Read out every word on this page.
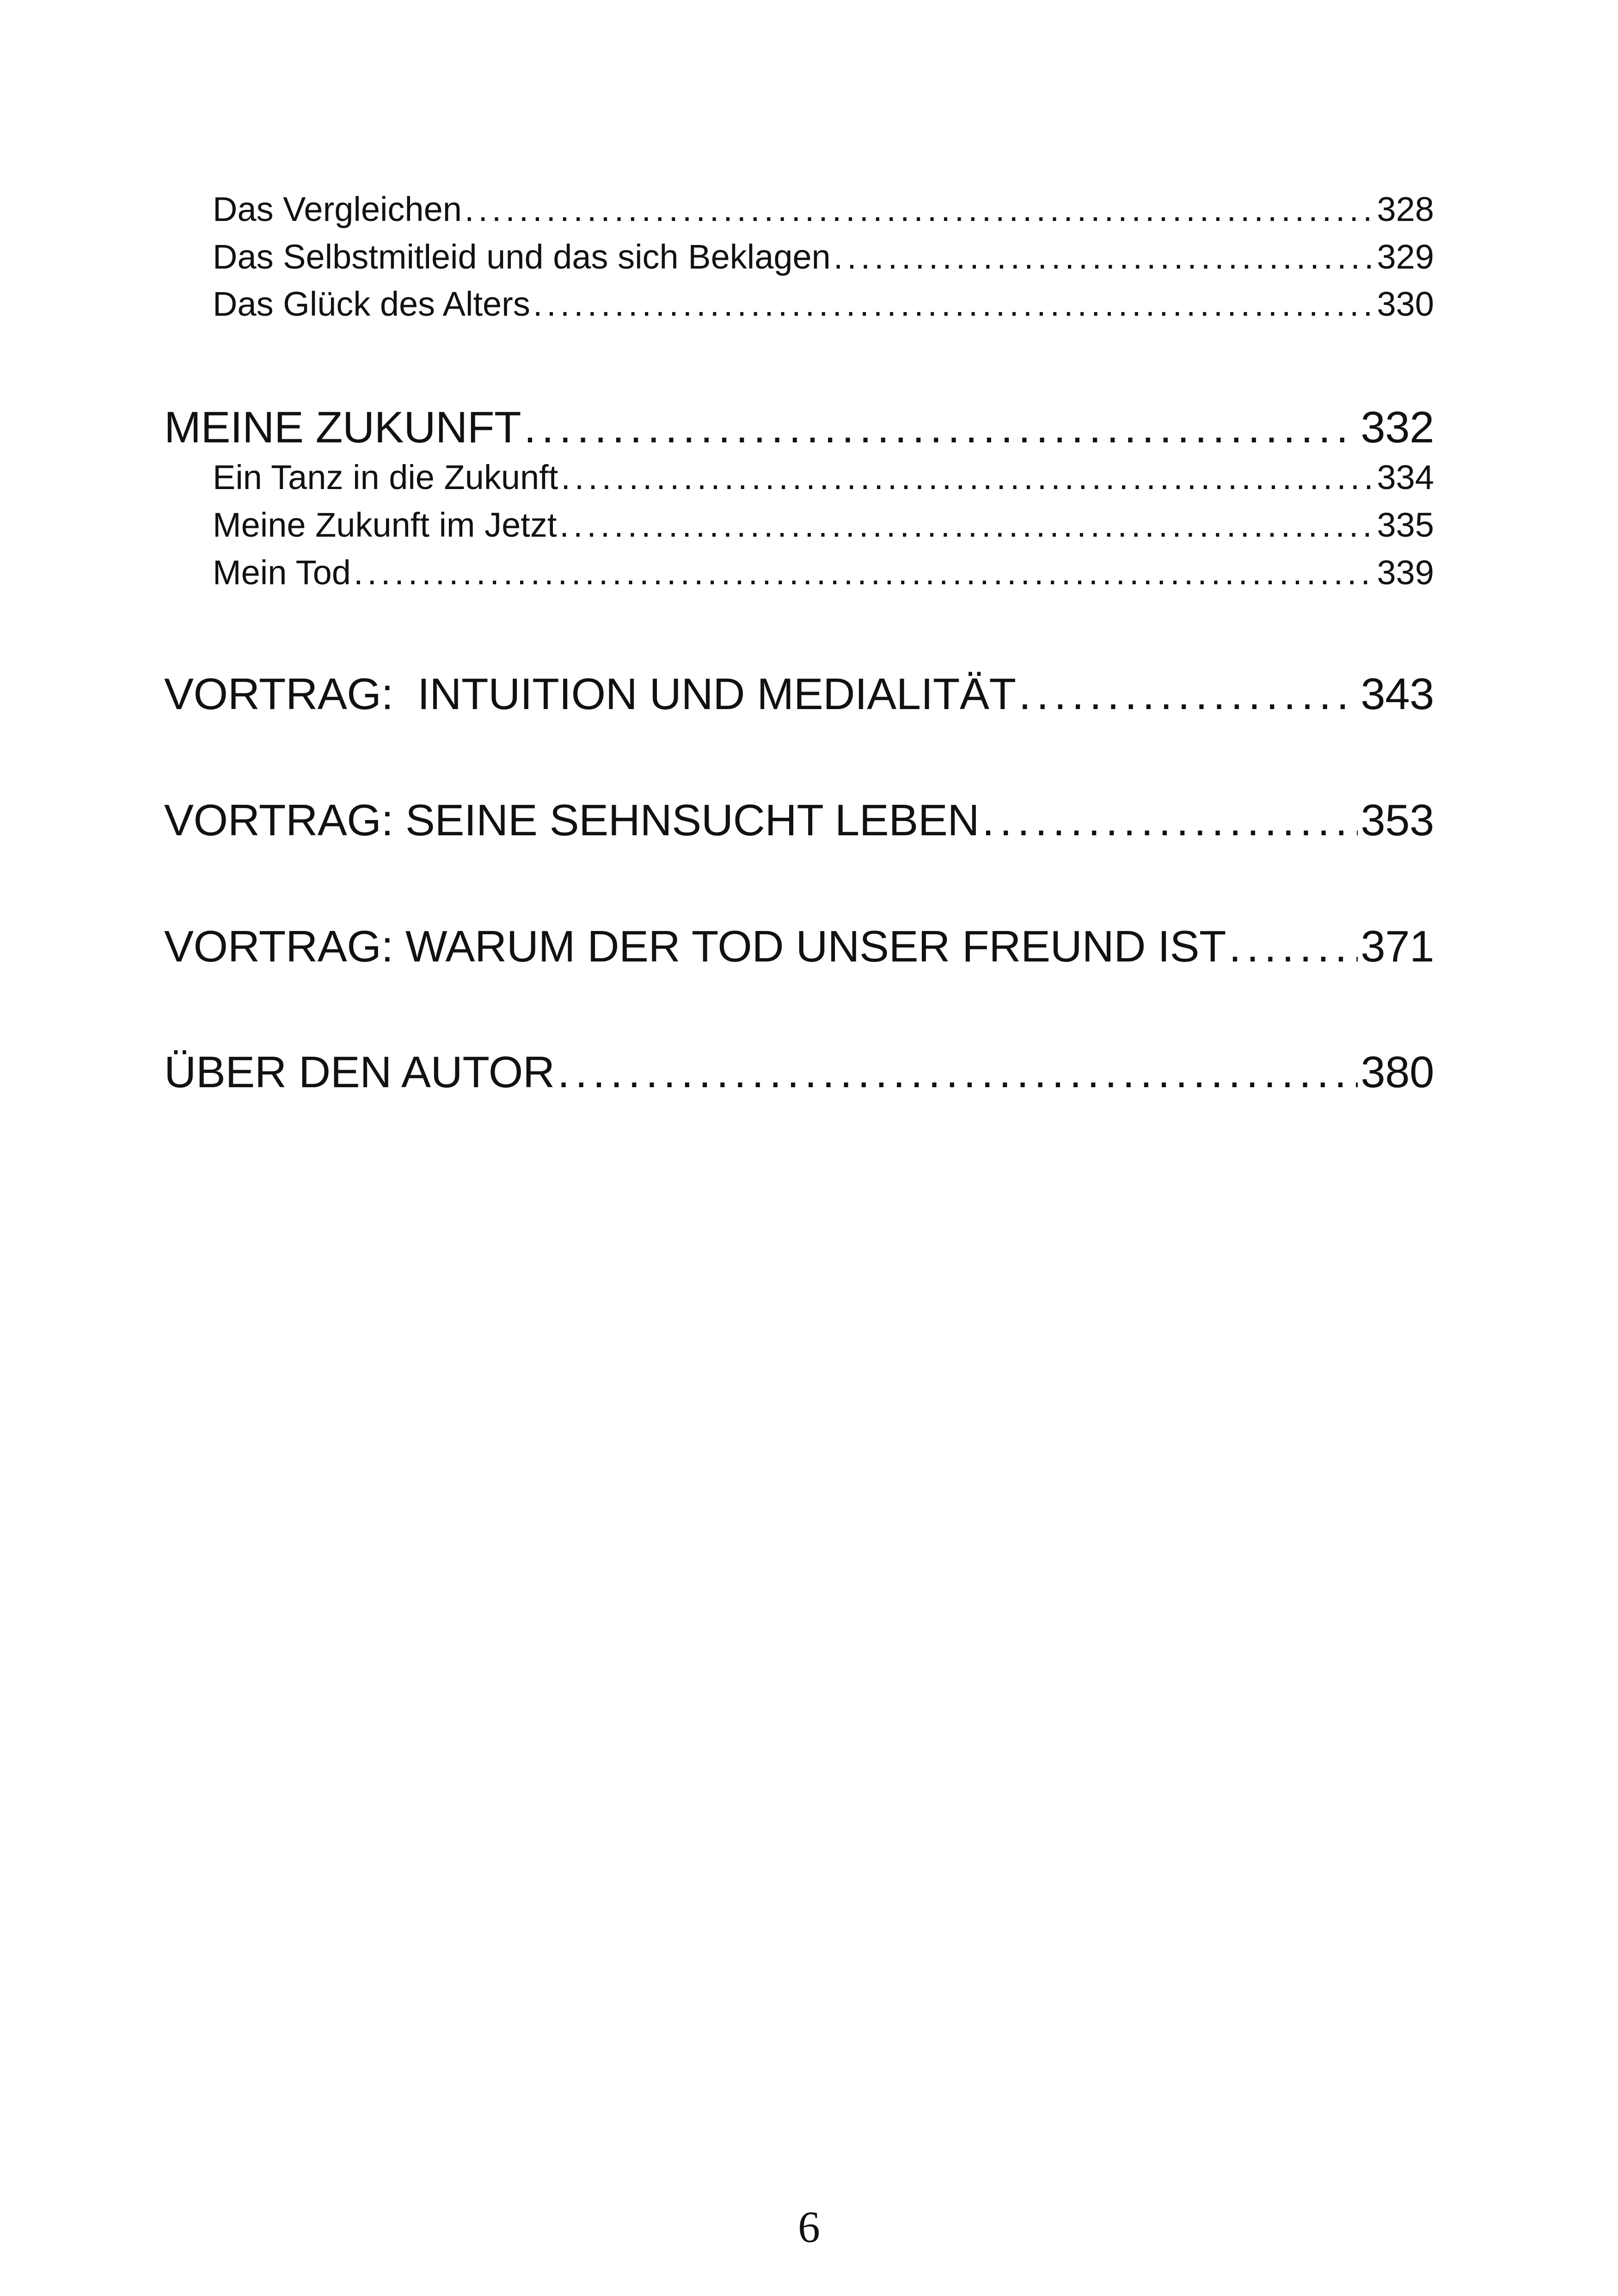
Das Vergleichen .....	328
Das Selbstmitleid und das sich Beklagen .....	329
Das Glück des Alters .....	330
MEINE ZUKUNFT .....	332
Ein Tanz in die Zukunft .....	334
Meine Zukunft im Jetzt .....	335
Mein Tod .....	339
VORTRAG:  INTUITION UND MEDIALITÄT .....	343
VORTRAG: SEINE SEHNSUCHT LEBEN .....	353
VORTRAG: WARUM DER TOD UNSER FREUND IST .....	371
ÜBER DEN AUTOR .....	380
6
